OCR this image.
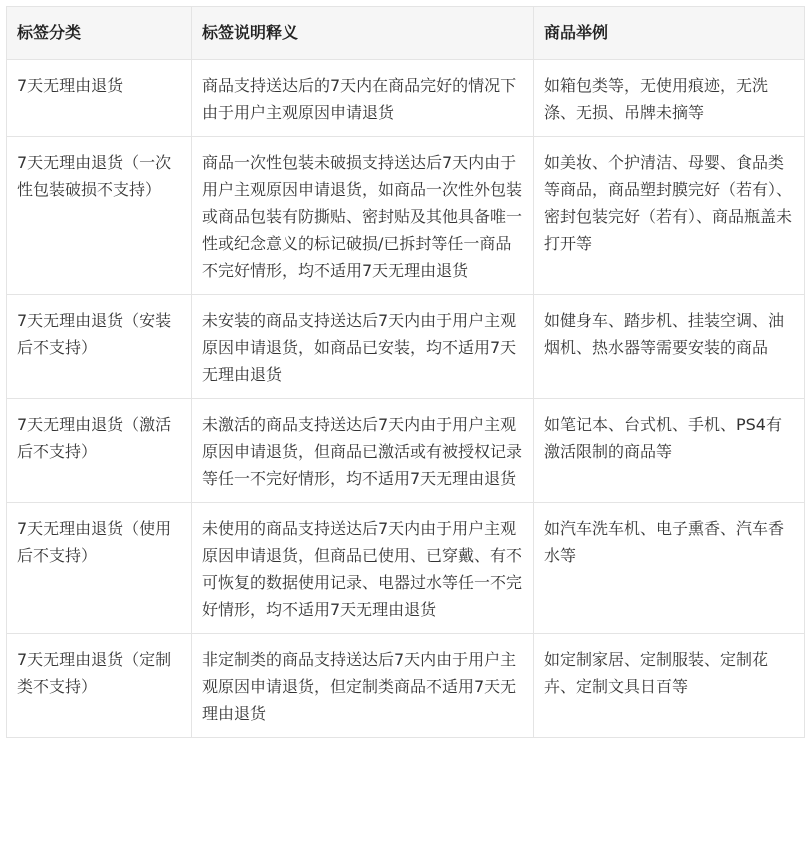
标签分类	标签说明释义	商品举例
7天无理由退货	商品支持送达后的7天内在商品完好的情况下由于用户主观原因申请退货	如箱包类等，无使用痕迹，无洗涤、无损、吊牌未摘等
7天无理由退货（一次性包装破损不支持）	商品一次性包装未破损支持送达后7天内由于用户主观原因申请退货，如商品一次性外包装或商品包装有防撕贴、密封贴及其他具备唯一性或纪念意义的标记破损/已拆封等任一商品不完好情形，均不适用7天无理由退货	如美妆、个护清洁、母婴、食品类等商品，商品塑封膜完好（若有）、密封包装完好（若有）、商品瓶盖未打开等
7天无理由退货（安装后不支持）	未安装的商品支持送达后7天内由于用户主观原因申请退货，如商品已安装，均不适用7天无理由退货	如健身车、踏步机、挂装空调、油烟机、热水器等需要安装的商品
7天无理由退货（激活后不支持）	未激活的商品支持送达后7天内由于用户主观原因申请退货，但商品已激活或有被授权记录等任一不完好情形，均不适用7天无理由退货	如笔记本、台式机、手机、PS4有激活限制的商品等
7天无理由退货（使用后不支持）	未使用的商品支持送达后7天内由于用户主观原因申请退货，但商品已使用、已穿戴、有不可恢复的数据使用记录、电器过水等任一不完好情形，均不适用7天无理由退货	如汽车洗车机、电子熏香、汽车香水等
7天无理由退货（定制类不支持）	非定制类的商品支持送达后7天内由于用户主观原因申请退货，但定制类商品不适用7天无理由退货	如定制家居、定制服装、定制花卉、定制文具日百等
